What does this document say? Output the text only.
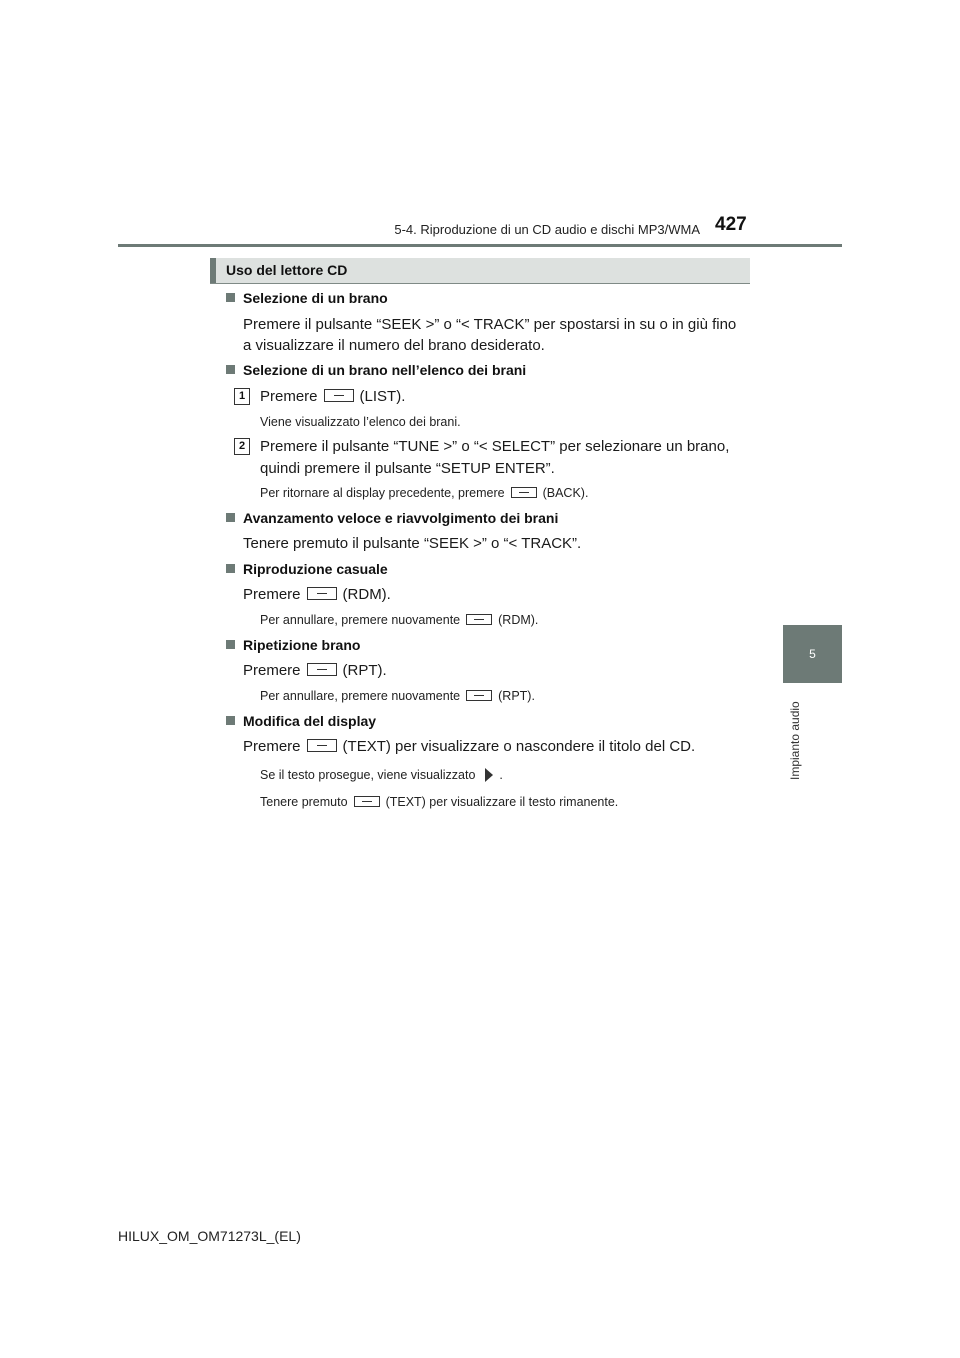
5-4. Riproduzione di un CD audio e dischi MP3/WMA 427
5
Impianto audio
Uso del lettore CD
Selezione di un brano
Premere il pulsante “SEEK >” o “< TRACK” per spostarsi in su o in giù fino
a visualizzare il numero del brano desiderato.
Selezione di un brano nell’elenco dei brani
1 Premere	(LIST).
Viene visualizzato l’elenco dei brani.
2 Premere il pulsante “TUNE >” o “< SELECT” per selezionare un brano,
quindi premere il pulsante “SETUP ENTER”.
Per ritornare al display precedente, premere	(BACK).
Avanzamento veloce e riavvolgimento dei brani
Tenere premuto il pulsante “SEEK >” o “< TRACK”.
Riproduzione casuale
Premere	(RDM).
Per annullare, premere nuovamente	(RDM).
Ripetizione brano
Premere	(RPT).
Per annullare, premere nuovamente	(RPT).
Modifica del display
Premere	(TEXT) per visualizzare o nascondere il titolo del CD.
Se il testo prosegue, viene visualizzato .
Tenere premuto	(TEXT) per visualizzare il testo rimanente.
HILUX_OM_OM71273L_(EL)
